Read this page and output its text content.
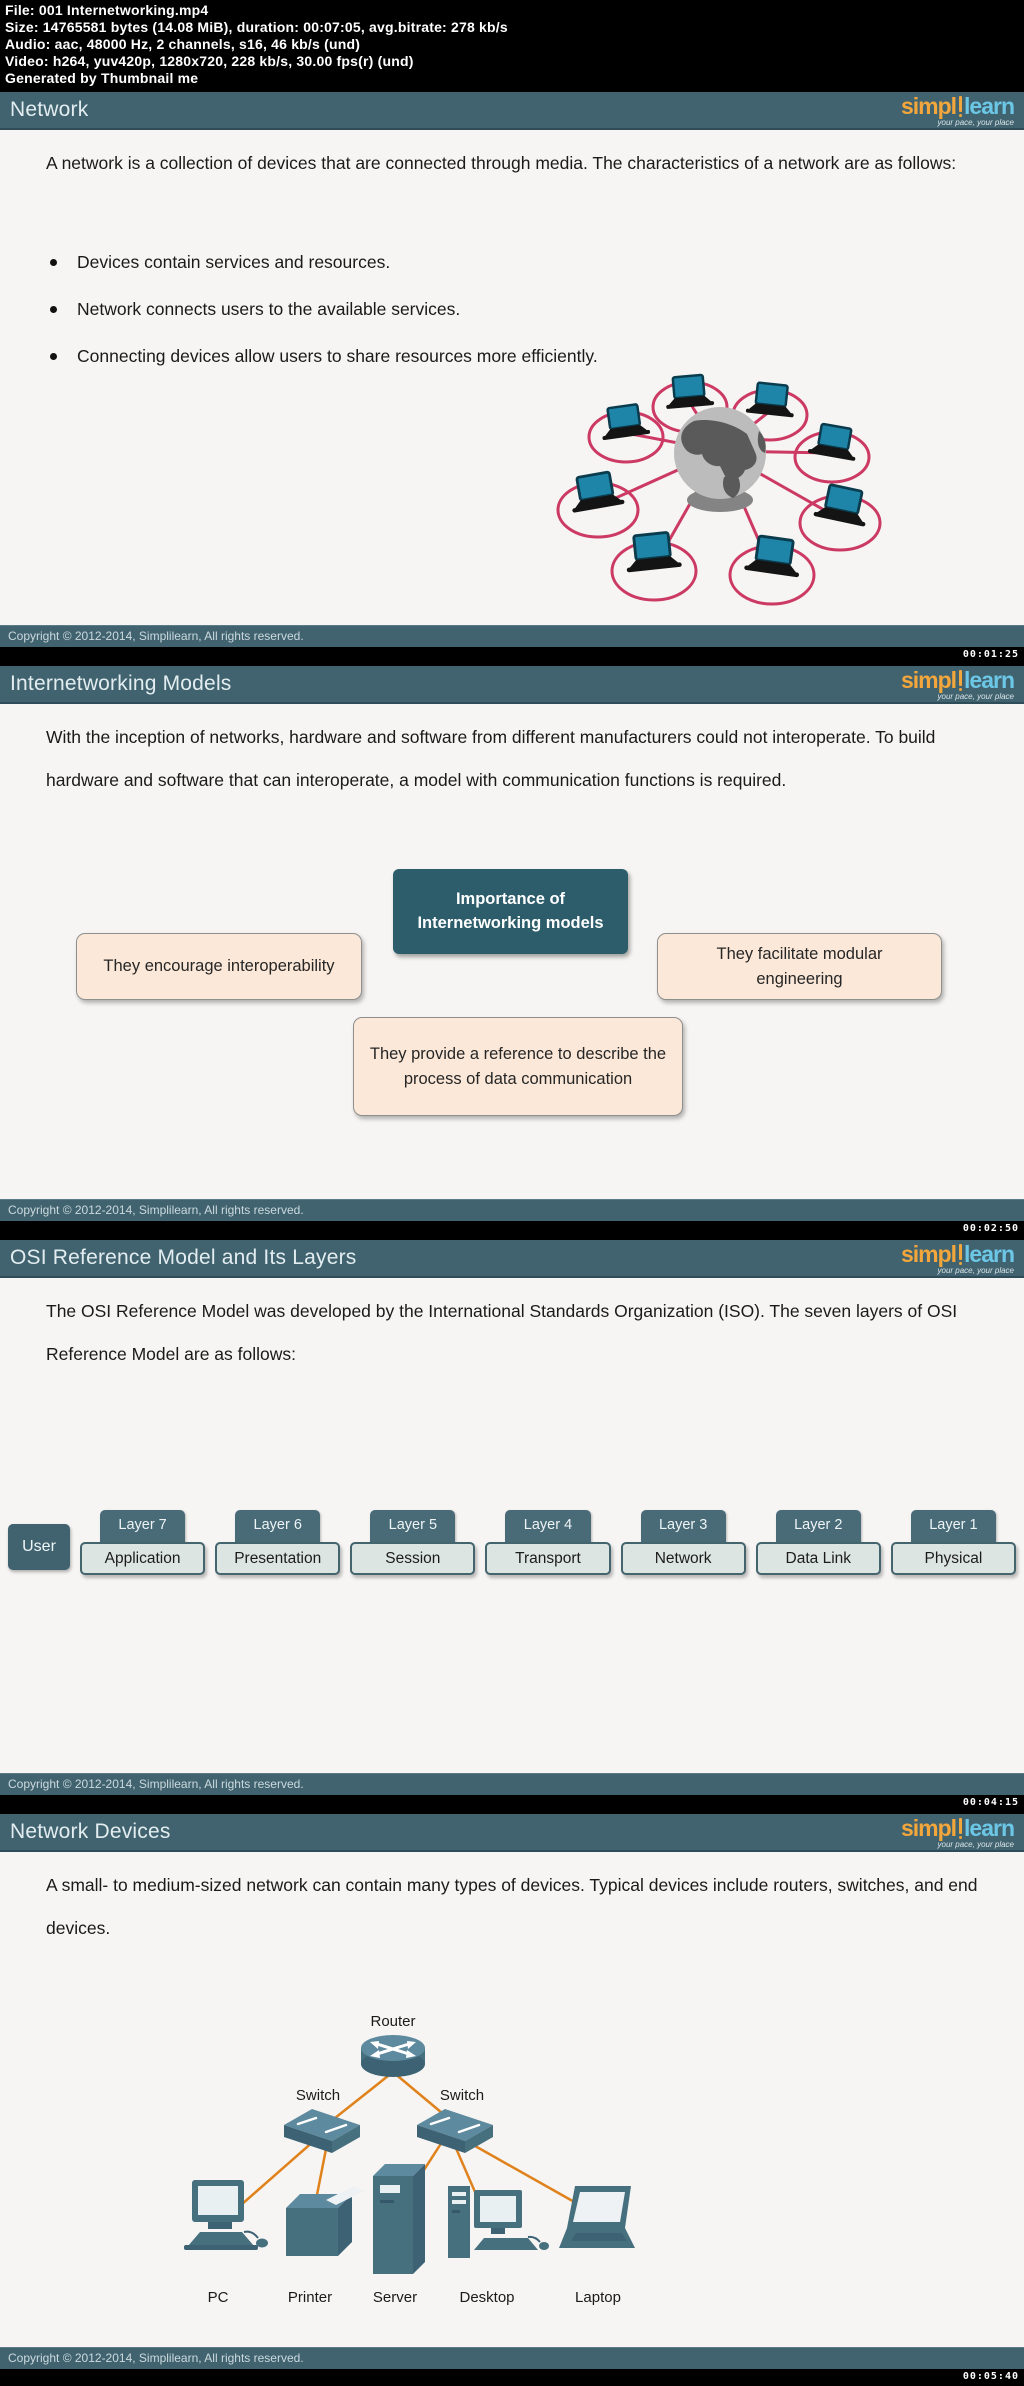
File: 001 Internetworking.mp4
Size: 14765581 bytes (14.08 MiB), duration: 00:07:05, avg.bitrate: 278 kb/s
Audio: aac, 48000 Hz, 2 channels, s16, 46 kb/s (und)
Video: h264, yuv420p, 1280x720, 228 kb/s, 30.00 fps(r) (und)
Generated by Thumbnail me
Network	simpl learn
your pace, your place

A network is a collection of devices that are connected through media. The characteristics of a network are as follows:

Devices contain services and resources.
Network connects users to the available services.
Connecting devices allow users to share resources more efficiently.
Copyright © 2012-2014, Simplilearn, All rights reserved.
00:01:25
Internetworking Models	simpl learn
your pace, your place

With the inception of networks, hardware and software from different manufacturers could not interoperate. To build hardware and software that can interoperate, a model with communication functions is required.

Importance of Internetworking models
They encourage interoperability
They facilitate modular engineering
They provide a reference to describe the process of data communication
Copyright © 2012-2014, Simplilearn, All rights reserved.
00:02:50
OSI Reference Model and Its Layers	simpl learn
your pace, your place

The OSI Reference Model was developed by the International Standards Organization (ISO). The seven layers of OSI Reference Model are as follows:

User
Layer 7
Application
Layer 6
Presentation
Layer 5
Session
Layer 4
Transport
Layer 3
Network
Layer 2
Data Link
Layer 1
Physical
Copyright © 2012-2014, Simplilearn, All rights reserved.
00:04:15
Network Devices	simpl learn
your pace, your place

A small- to medium-sized network can contain many types of devices. Typical devices include routers, switches, and end devices.

Router
Switch	Switch
PC	Printer	Server	Desktop	Laptop
Copyright © 2012-2014, Simplilearn, All rights reserved.
00:05:40
